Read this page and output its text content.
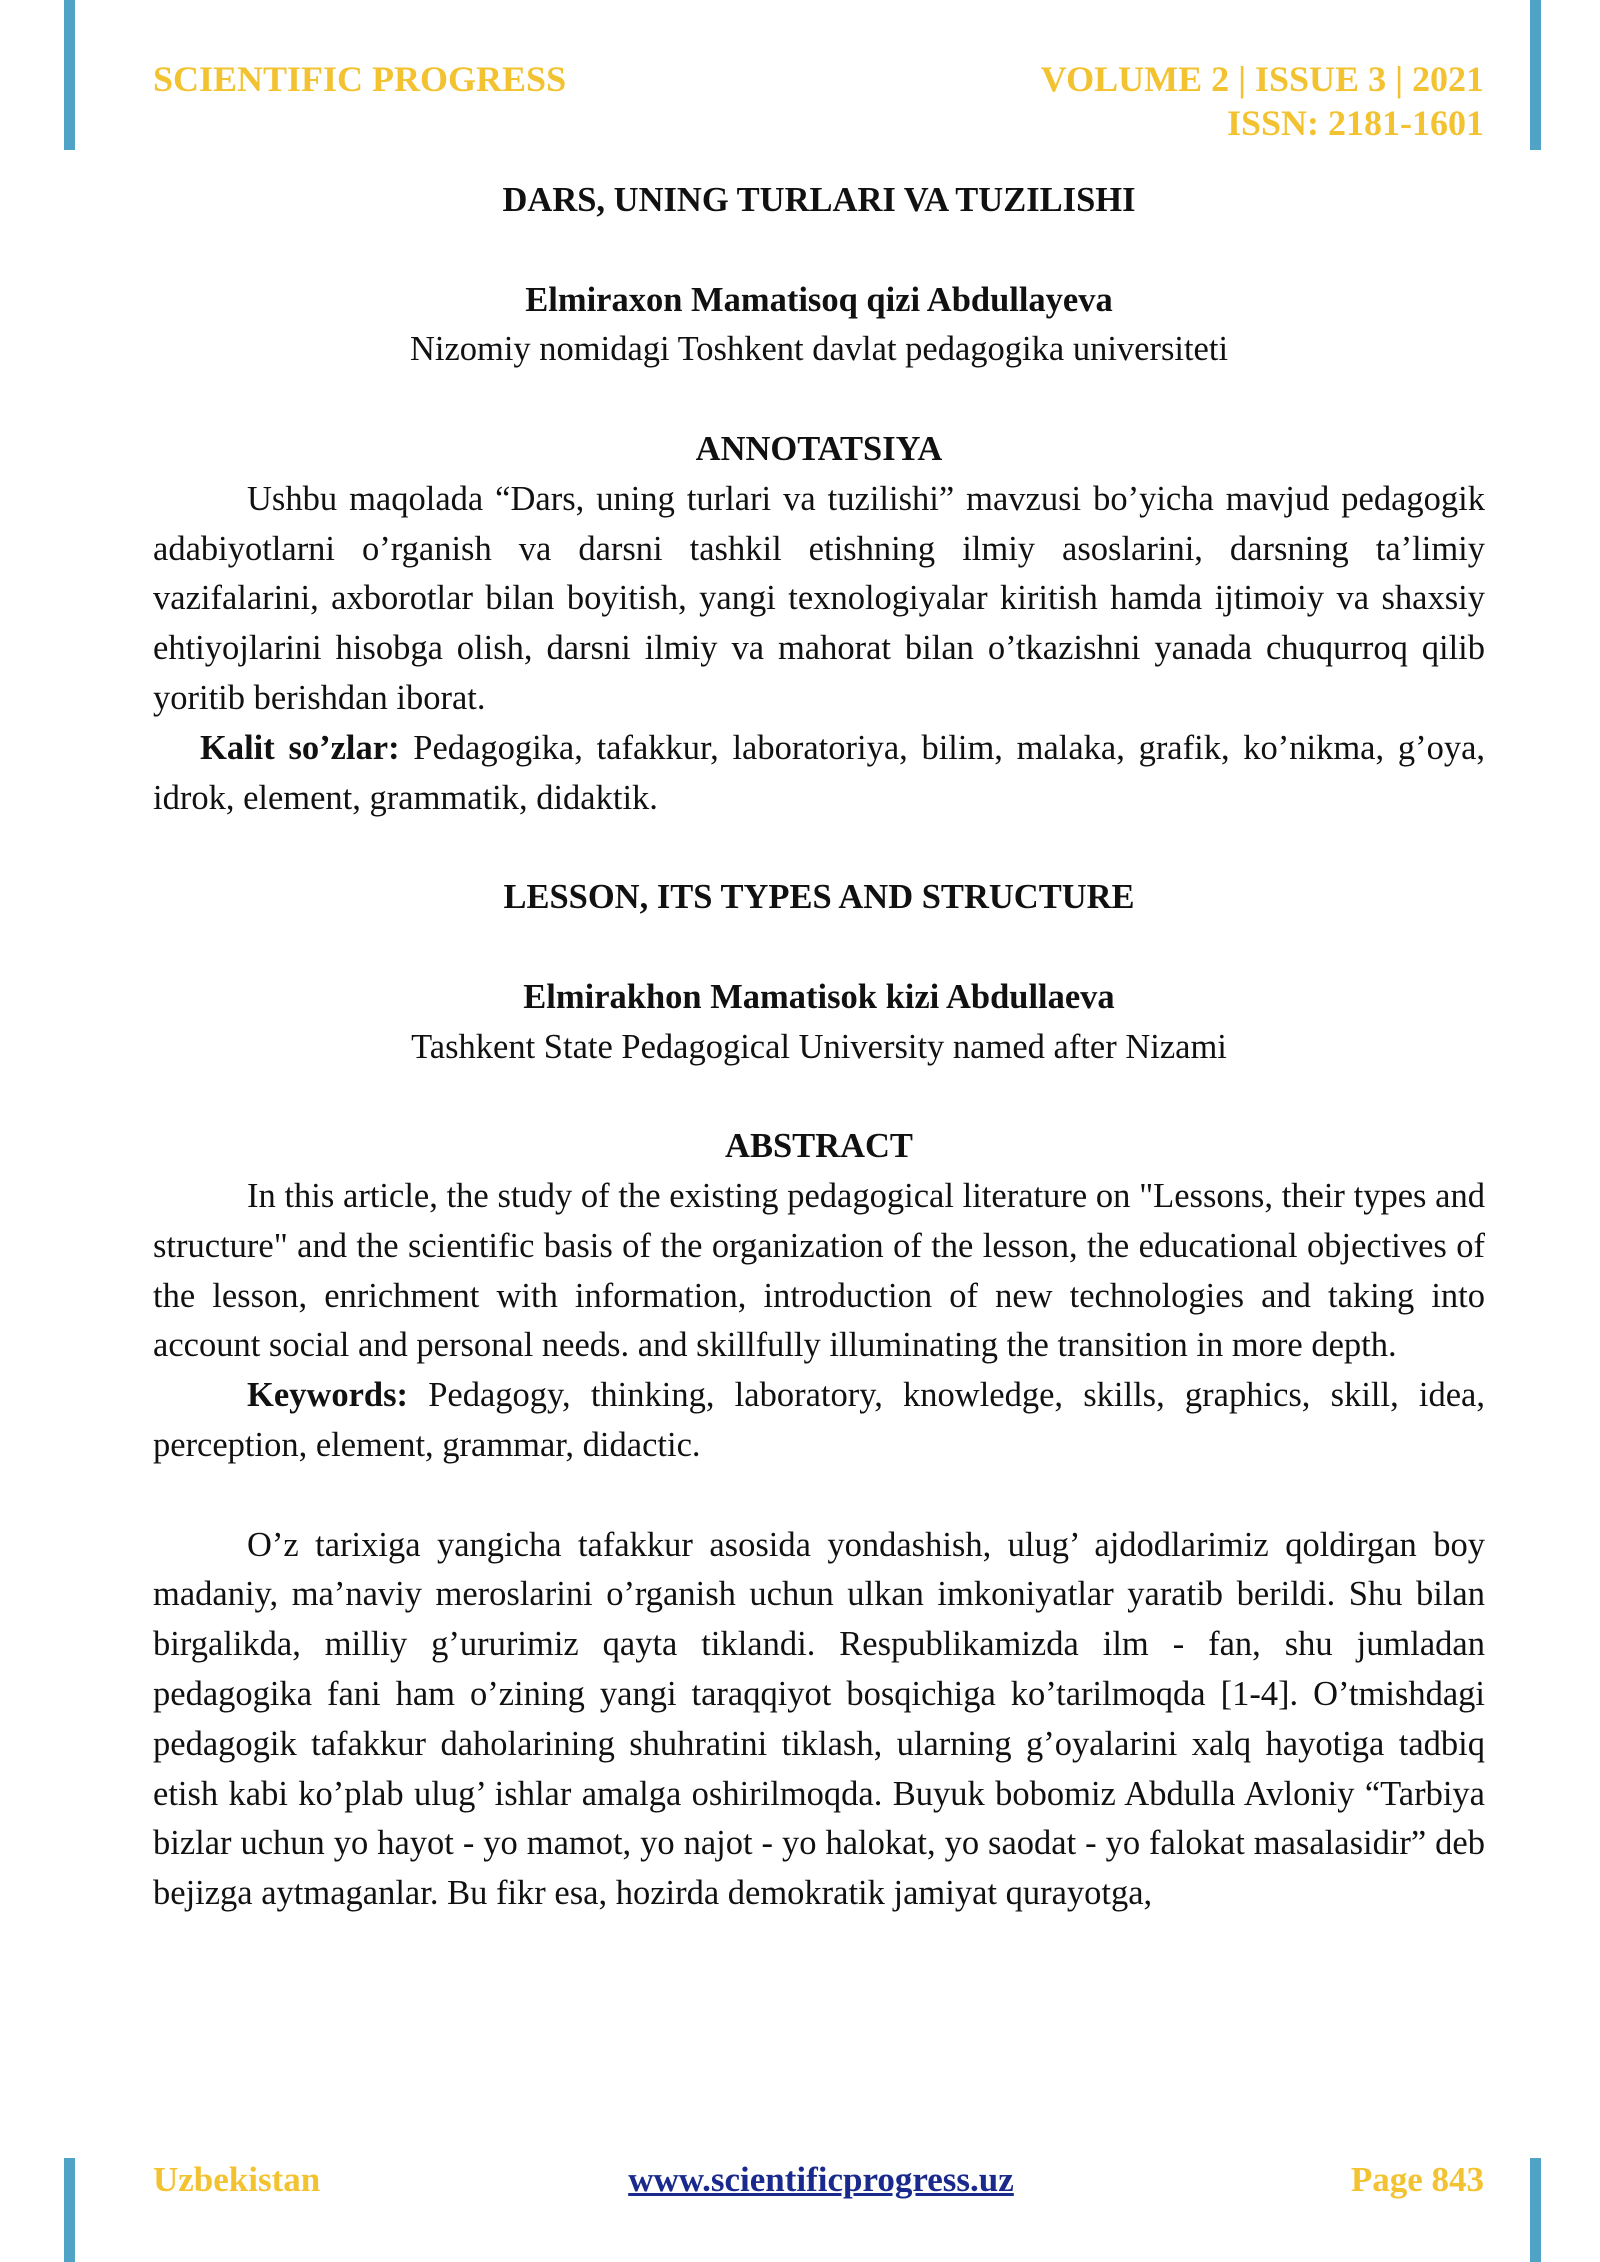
SCIENTIFIC PROGRESS	VOLUME 2 | ISSUE 3 | 2021
ISSN: 2181-1601

DARS, UNING TURLARI VA TUZILISHI

Elmiraxon Mamatisoq qizi Abdullayeva

Nizomiy nomidagi Toshkent davlat pedagogika universiteti

ANNOTATSIYA

Ushbu maqolada “Dars, uning turlari va tuzilishi” mavzusi bo’yicha mavjud pedagogik adabiyotlarni o’rganish va darsni tashkil etishning ilmiy asoslarini, darsning ta’limiy vazifalarini, axborotlar bilan boyitish, yangi texnologiyalar kiritish hamda ijtimoiy va shaxsiy ehtiyojlarini hisobga olish, darsni ilmiy va mahorat bilan o’tkazishni yanada chuqurroq qilib yoritib berishdan iborat.

Kalit so’zlar: Pedagogika, tafakkur, laboratoriya, bilim, malaka, grafik, ko’nikma, g’oya, idrok, element, grammatik, didaktik.

LESSON, ITS TYPES AND STRUCTURE

Elmirakhon Mamatisok kizi Abdullaeva

Tashkent State Pedagogical University named after Nizami

ABSTRACT

In this article, the study of the existing pedagogical literature on "Lessons, their types and structure" and the scientific basis of the organization of the lesson, the educational objectives of the lesson, enrichment with information, introduction of new technologies and taking into account social and personal needs. and skillfully illuminating the transition in more depth.

Keywords: Pedagogy, thinking, laboratory, knowledge, skills, graphics, skill, idea, perception, element, grammar, didactic.

O’z tarixiga yangicha tafakkur asosida yondashish, ulug’ ajdodlarimiz qoldirgan boy madaniy, ma’naviy meroslarini o’rganish uchun ulkan imkoniyatlar yaratib berildi. Shu bilan birgalikda, milliy g’ururimiz qayta tiklandi. Respublikamizda ilm - fan, shu jumladan pedagogika fani ham o’zining yangi taraqqiyot bosqichiga ko’tarilmoqda [1-4]. O’tmishdagi pedagogik tafakkur daholarining shuhratini tiklash, ularning g’oyalarini xalq hayotiga tadbiq etish kabi ko’plab ulug’ ishlar amalga oshirilmoqda. Buyuk bobomiz Abdulla Avloniy “Tarbiya bizlar uchun yo hayot - yo mamot, yo najot - yo halokat, yo saodat - yo falokat masalasidir” deb bejizga aytmaganlar. Bu fikr esa, hozirda demokratik jamiyat qurayotga,

Uzbekistan	www.scientificprogress.uz	Page 843
